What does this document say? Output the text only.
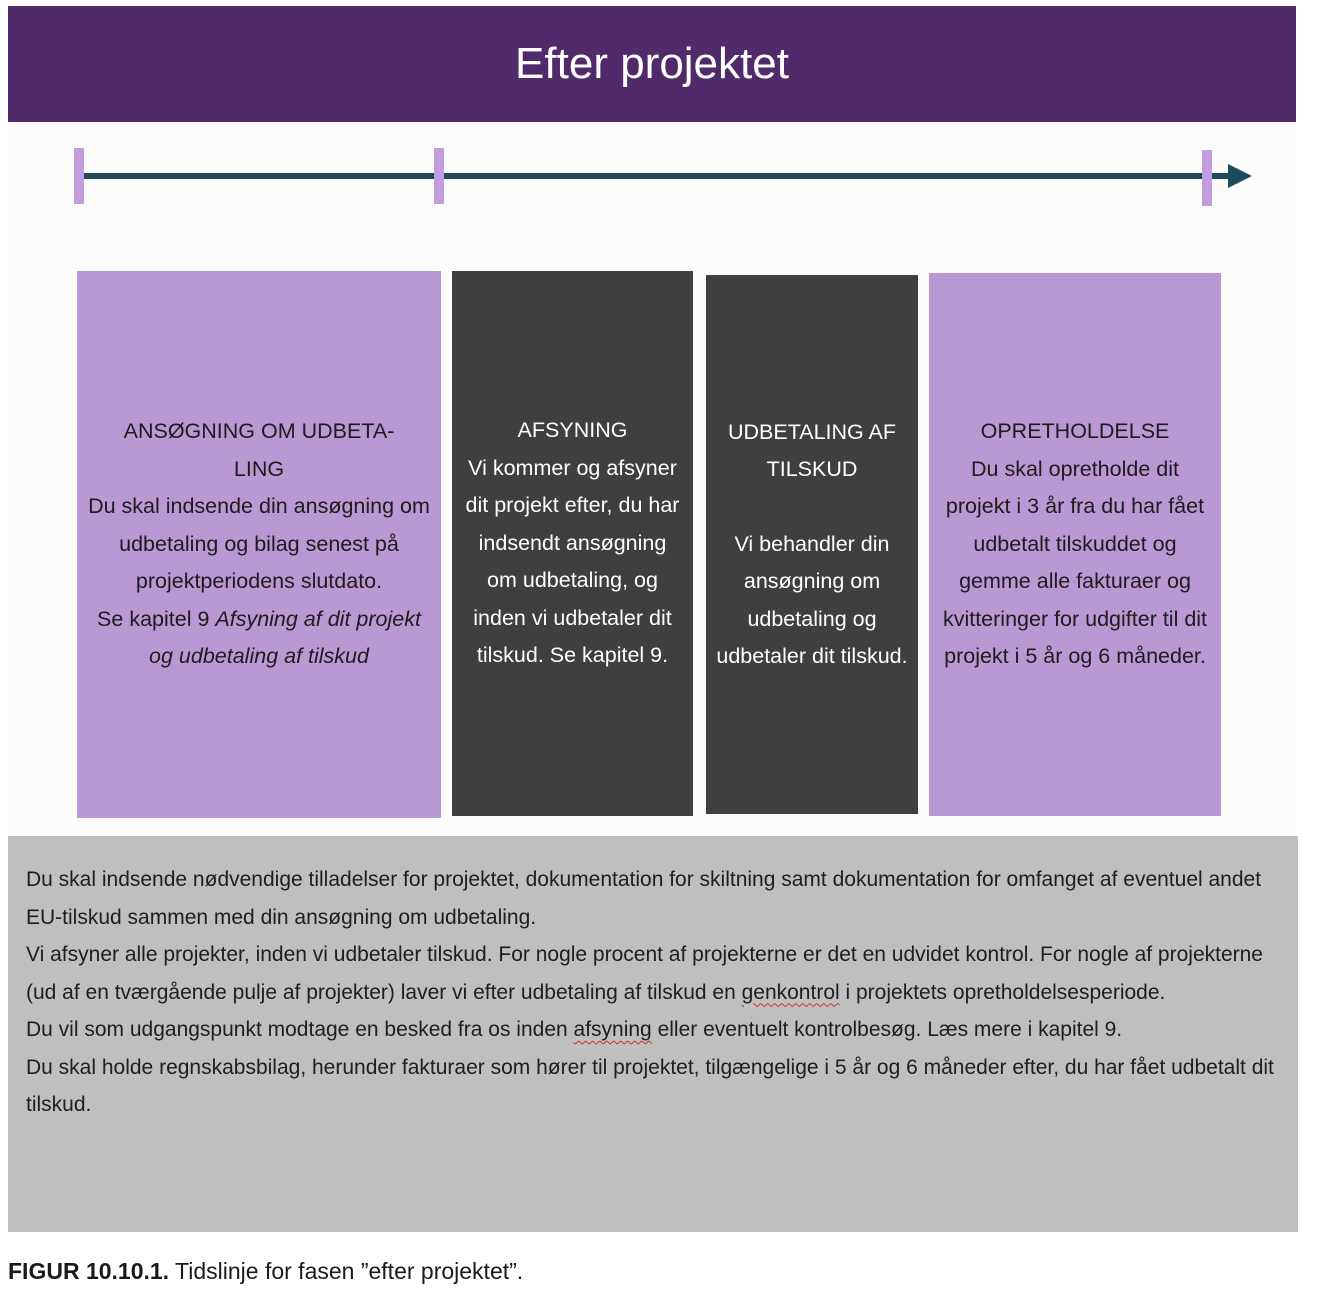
Efter projektet

ANSØGNING OM UDBETA-LING

Du skal indsende din ansøgning om udbetaling og bilag senest på projektperiodens slutdato.

Se kapitel 9 Afsyning af dit projekt og udbetaling af tilskud

AFSYNING

Vi kommer og afsyner dit projekt efter, du har indsendt ansøgning om udbetaling, og inden vi udbetaler dit tilskud. Se kapitel 9.

UDBETALING AF TILSKUD

Vi behandler din ansøgning om udbetaling og udbetaler dit tilskud.

OPRETHOLDELSE

Du skal opretholde dit projekt i 3 år fra du har fået udbetalt tilskuddet og gemme alle fakturaer og kvitteringer for udgifter til dit projekt i 5 år og 6 måneder.

Du skal indsende nødvendige tilladelser for projektet, dokumentation for skiltning samt dokumentation for omfanget af eventuel andet EU-tilskud sammen med din ansøgning om udbetaling.

Vi afsyner alle projekter, inden vi udbetaler tilskud. For nogle procent af projekterne er det en udvidet kontrol. For nogle af projekterne (ud af en tværgående pulje af projekter) laver vi efter udbetaling af tilskud en genkontrol i projektets opretholdelsesperiode.

Du vil som udgangspunkt modtage en besked fra os inden afsyning eller eventuelt kontrolbesøg. Læs mere i kapitel 9.

Du skal holde regnskabsbilag, herunder fakturaer som hører til projektet, tilgængelige i 5 år og 6 måneder efter, du har fået udbetalt dit tilskud.

FIGUR 10.10.1. Tidslinje for fasen ”efter projektet”.
